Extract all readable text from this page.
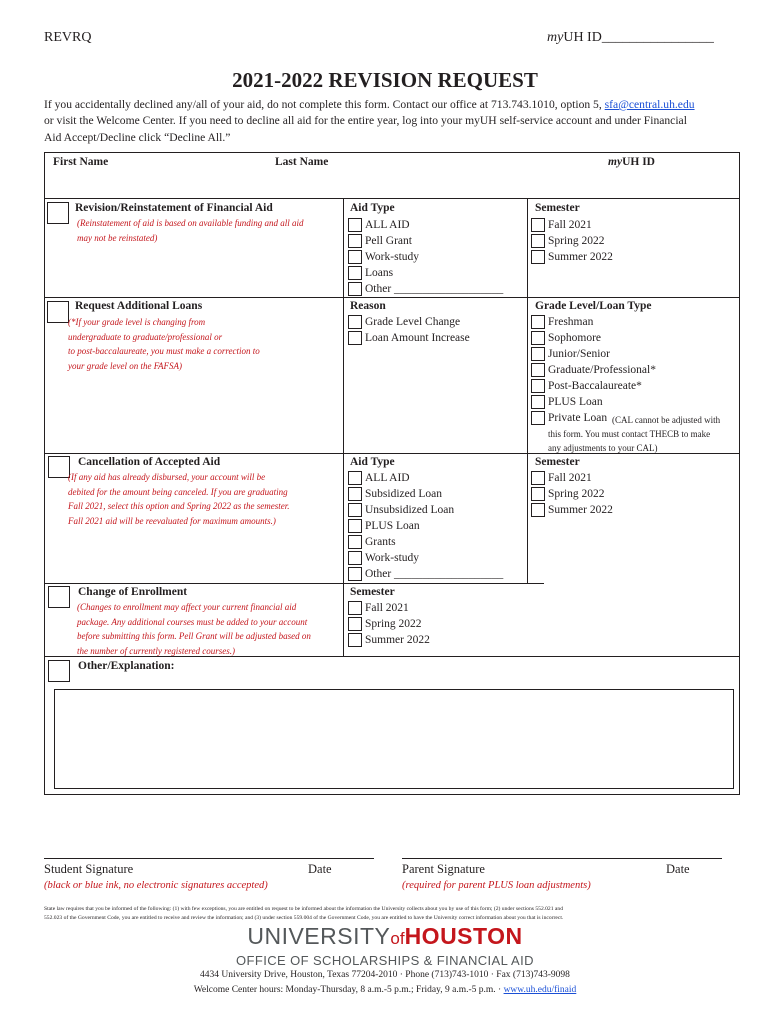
REVRQ	myUH ID________________
2021-2022 REVISION REQUEST
If you accidentally declined any/all of your aid, do not complete this form. Contact our office at 713.743.1010, option 5, sfa@central.uh.edu
or visit the Welcome Center. If you need to decline all aid for the entire year, log into your myUH self-service account and under Financial
Aid Accept/Decline click “Decline All.”
First Name	Last Name	myUH ID
Revision/Reinstatement of Financial Aid
(Reinstatement of aid is based on available funding and all aid
may not be reinstated)
Aid Type
ALL AID
Pell Grant
Work-study
Loans
Other ___________________
Semester
Fall 2021
Spring 2022
Summer 2022
Request Additional Loans
(*If your grade level is changing from
undergraduate to graduate/professional or
to post-baccalaureate, you must make a correction to
your grade level on the FAFSA)
Reason
Grade Level Change
Loan Amount Increase
Grade Level/Loan Type
Freshman
Sophomore
Junior/Senior
Graduate/Professional*
Post-Baccalaureate*
PLUS Loan
Private Loan (CAL cannot be adjusted with
this form. You must contact THECB to make
any adjustments to your CAL)
Cancellation of Accepted Aid
(If any aid has already disbursed, your account will be
debited for the amount being canceled. If you are graduating
Fall 2021, select this option and Spring 2022 as the semester.
Fall 2021 aid will be reevaluated for maximum amounts.)
Aid Type
ALL AID
Subsidized Loan
Unsubsidized Loan
PLUS Loan
Grants
Work-study
Other ___________________
Semester
Fall 2021
Spring 2022
Summer 2022
Change of Enrollment
(Changes to enrollment may affect your current financial aid
package. Any additional courses must be added to your account
before submitting this form. Pell Grant will be adjusted based on
the number of currently registered courses.)
Semester
Fall 2021
Spring 2022
Summer 2022
Other/Explanation:
Student Signature	Date
(black or blue ink, no electronic signatures accepted)
Parent Signature	Date
(required for parent PLUS loan adjustments)
State law requires that you be informed of the following: (1) with few exceptions, you are entitled on request to be informed about the information the University collects about you by use of this form; (2) under sections 552.021 and
552.023 of the Government Code, you are entitled to receive and review the information; and (3) under section 559.004 of the Government Code, you are entitled to have the University correct information about you that is incorrect.
UNIVERSITYofHOUSTON
OFFICE OF SCHOLARSHIPS & FINANCIAL AID
4434 University Drive, Houston, Texas 77204-2010 · Phone (713)743-1010 · Fax (713)743-9098
Welcome Center hours: Monday-Thursday, 8 a.m.-5 p.m.; Friday, 9 a.m.-5 p.m. · www.uh.edu/finaid
